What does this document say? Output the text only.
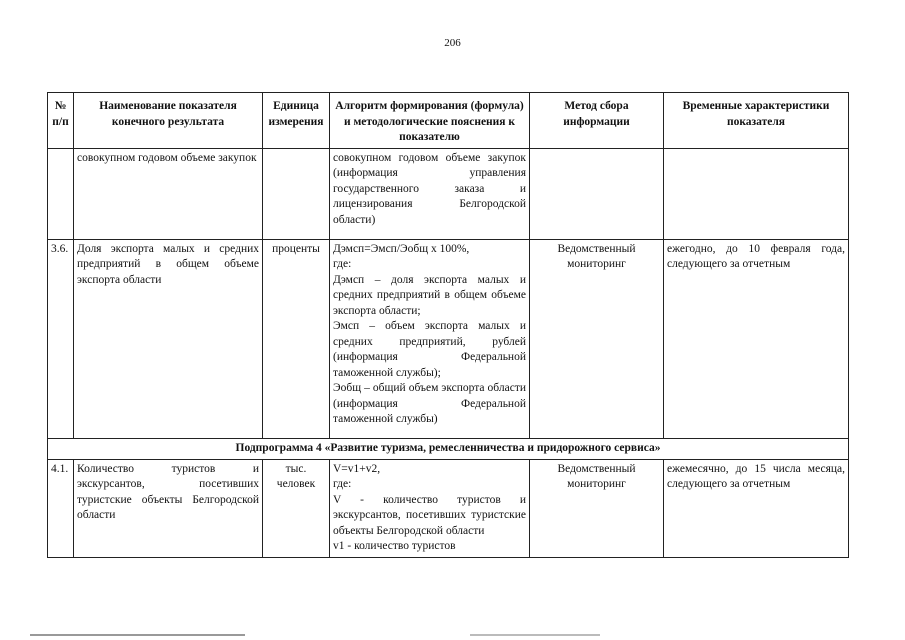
206
№ п/п	Наименование показателя конечного результата	Единица измерения	Алгоритм формирования (формула) и методологические пояснения к показателю	Метод сбора информации	Временные характеристики показателя
	совокупном годовом объеме закупок		совокупном годовом объеме закупок (информация управления государственного заказа и лицензирования Белгородской области)		

3.6.	Доля экспорта малых и средних предприятий в общем объеме экспорта области	проценты	Дэмсп=Эмсп/Эобщ х 100%,
где:
Дэмсп – доля экспорта малых и средних предприятий в общем объеме экспорта области;
Эмсп – объем экспорта малых и средних предприятий, рублей (информация Федеральной таможенной службы);
Эобщ – общий объем экспорта области (информация Федеральной таможенной службы)	Ведомственный мониторинг	ежегодно, до 10 февраля года, следующего за отчетным
Подпрограмма 4 «Развитие туризма, ремесленничества и придорожного сервиса»					
4.1.	Количество туристов и экскурсантов, посетивших туристские объекты Белгородской области	тыс. человек	V=v1+v2,
где:
V - количество туристов и экскурсантов, посетивших туристские объекты Белгородской области
v1 - количество туристов	Ведомственный мониторинг	ежемесячно, до 15 числа месяца, следующего за отчетным
